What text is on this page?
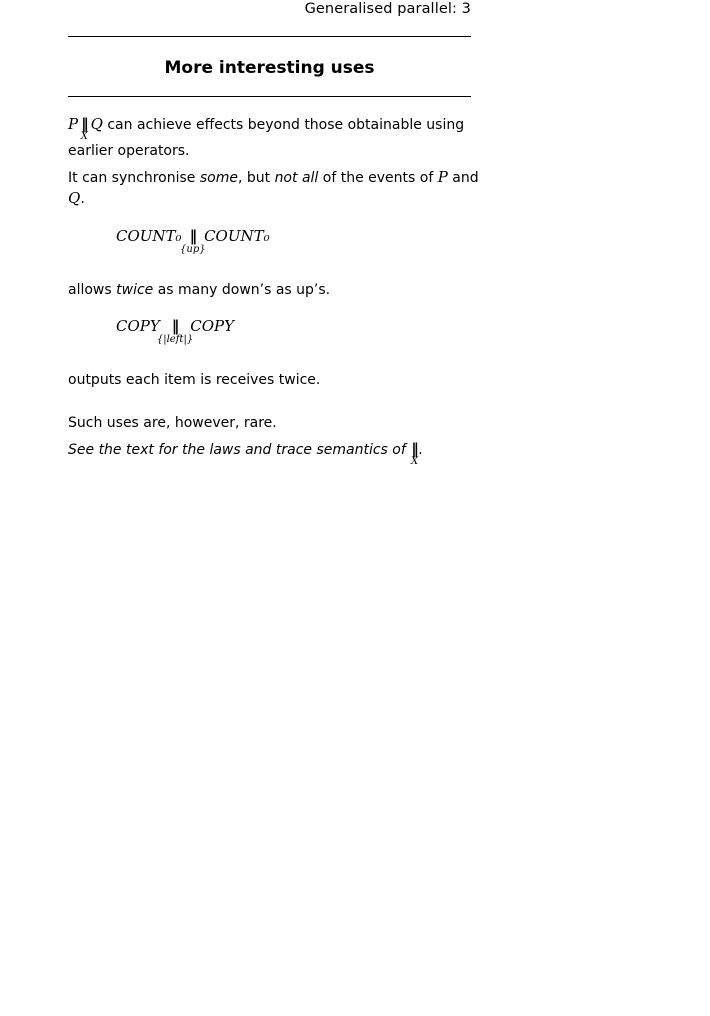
Generalised parallel: 3
More interesting uses
P ‖
X
Q can achieve effects beyond those obtainable using
earlier operators.
It can synchronise some, but not all of the events of P and
Q.
COUNT₀ ‖
{up}
COUNT₀
allows twice as many down’s as up’s.
COPY ‖
{|left|}
COPY
outputs each item is receives twice.
Such uses are, however, rare.
See the text for the laws and trace semantics of ‖
X
.
